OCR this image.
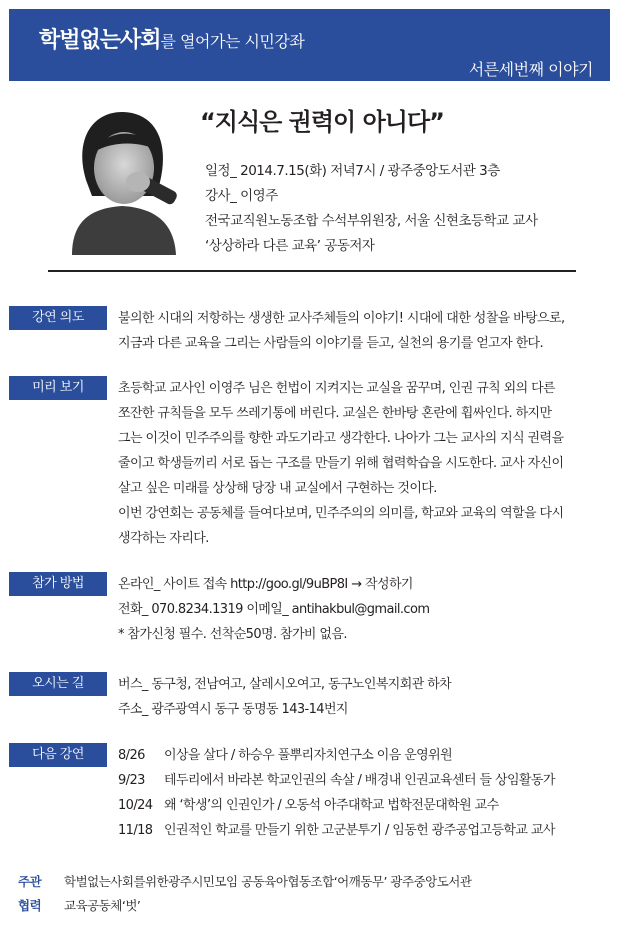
학벌없는사회를 열어가는 시민강좌
서른세번째 이야기
“지식은 권력이 아니다”
일정_ 2014.7.15(화) 저녁7시 / 광주중앙도서관 3층
강사_ 이영주
전국교직원노동조합 수석부위원장, 서울 신현초등학교 교사
‘상상하라 다른 교육’ 공동저자
강연 의도	불의한 시대의 저항하는 생생한 교사주체들의 이야기! 시대에 대한 성찰을 바탕으로,
지금과 다른 교육을 그리는 사람들의 이야기를 듣고, 실천의 용기를 얻고자 한다.
미리 보기	초등학교 교사인 이영주 님은 헌법이 지켜지는 교실을 꿈꾸며, 인권 규칙 외의 다른
쪼잔한 규칙들을 모두 쓰레기통에 버린다. 교실은 한바탕 혼란에 휩싸인다. 하지만
그는 이것이 민주주의를 향한 과도기라고 생각한다. 나아가 그는 교사의 지식 권력을
줄이고 학생들끼리 서로 돕는 구조를 만들기 위해 협력학습을 시도한다. 교사 자신이
살고 싶은 미래를 상상해 당장 내 교실에서 구현하는 것이다.
이번 강연회는 공동체를 들여다보며, 민주주의의 의미를, 학교와 교육의 역할을 다시
생각하는 자리다.
참가 방법	온라인_ 사이트 접속 http://goo.gl/9uBP8I → 작성하기
전화_ 070.8234.1319 이메일_ antihakbul@gmail.com
* 참가신청 필수. 선착순50명. 참가비 없음.
오시는 길	버스_ 동구청, 전남여고, 살레시오여고, 동구노인복지회관 하차
주소_ 광주광역시 동구 동명동 143-14번지
다음 강연	8/26 이상을 살다 / 하승우 풀뿌리자치연구소 이음 운영위원
9/23 테두리에서 바라본 학교인권의 속살 / 배경내 인권교육센터 들 상임활동가
10/24 왜 ‘학생’의 인권인가 / 오동석 아주대학교 법학전문대학원 교수
11/18 인권적인 학교를 만들기 위한 고군분투기 / 임동헌 광주공업고등학교 교사
주관 학벌없는사회를위한광주시민모임 공동육아협동조합‘어깨동무’ 광주중앙도서관
협력 교육공동체‘벗’
